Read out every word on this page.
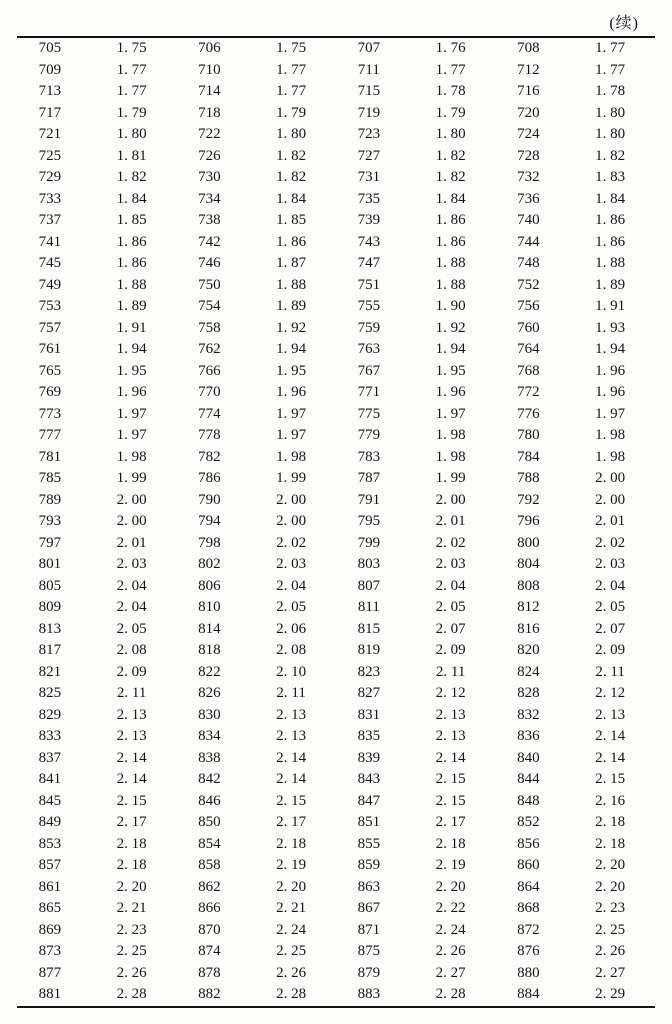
(续)
705	1. 75	706	1. 75	707	1. 76	708	1. 77
709	1. 77	710	1. 77	711	1. 77	712	1. 77
713	1. 77	714	1. 77	715	1. 78	716	1. 78
717	1. 79	718	1. 79	719	1. 79	720	1. 80
721	1. 80	722	1. 80	723	1. 80	724	1. 80
725	1. 81	726	1. 82	727	1. 82	728	1. 82
729	1. 82	730	1. 82	731	1. 82	732	1. 83
733	1. 84	734	1. 84	735	1. 84	736	1. 84
737	1. 85	738	1. 85	739	1. 86	740	1. 86
741	1. 86	742	1. 86	743	1. 86	744	1. 86
745	1. 86	746	1. 87	747	1. 88	748	1. 88
749	1. 88	750	1. 88	751	1. 88	752	1. 89
753	1. 89	754	1. 89	755	1. 90	756	1. 91
757	1. 91	758	1. 92	759	1. 92	760	1. 93
761	1. 94	762	1. 94	763	1. 94	764	1. 94
765	1. 95	766	1. 95	767	1. 95	768	1. 96
769	1. 96	770	1. 96	771	1. 96	772	1. 96
773	1. 97	774	1. 97	775	1. 97	776	1. 97
777	1. 97	778	1. 97	779	1. 98	780	1. 98
781	1. 98	782	1. 98	783	1. 98	784	1. 98
785	1. 99	786	1. 99	787	1. 99	788	2. 00
789	2. 00	790	2. 00	791	2. 00	792	2. 00
793	2. 00	794	2. 00	795	2. 01	796	2. 01
797	2. 01	798	2. 02	799	2. 02	800	2. 02
801	2. 03	802	2. 03	803	2. 03	804	2. 03
805	2. 04	806	2. 04	807	2. 04	808	2. 04
809	2. 04	810	2. 05	811	2. 05	812	2. 05
813	2. 05	814	2. 06	815	2. 07	816	2. 07
817	2. 08	818	2. 08	819	2. 09	820	2. 09
821	2. 09	822	2. 10	823	2. 11	824	2. 11
825	2. 11	826	2. 11	827	2. 12	828	2. 12
829	2. 13	830	2. 13	831	2. 13	832	2. 13
833	2. 13	834	2. 13	835	2. 13	836	2. 14
837	2. 14	838	2. 14	839	2. 14	840	2. 14
841	2. 14	842	2. 14	843	2. 15	844	2. 15
845	2. 15	846	2. 15	847	2. 15	848	2. 16
849	2. 17	850	2. 17	851	2. 17	852	2. 18
853	2. 18	854	2. 18	855	2. 18	856	2. 18
857	2. 18	858	2. 19	859	2. 19	860	2. 20
861	2. 20	862	2. 20	863	2. 20	864	2. 20
865	2. 21	866	2. 21	867	2. 22	868	2. 23
869	2. 23	870	2. 24	871	2. 24	872	2. 25
873	2. 25	874	2. 25	875	2. 26	876	2. 26
877	2. 26	878	2. 26	879	2. 27	880	2. 27
881	2. 28	882	2. 28	883	2. 28	884	2. 29
